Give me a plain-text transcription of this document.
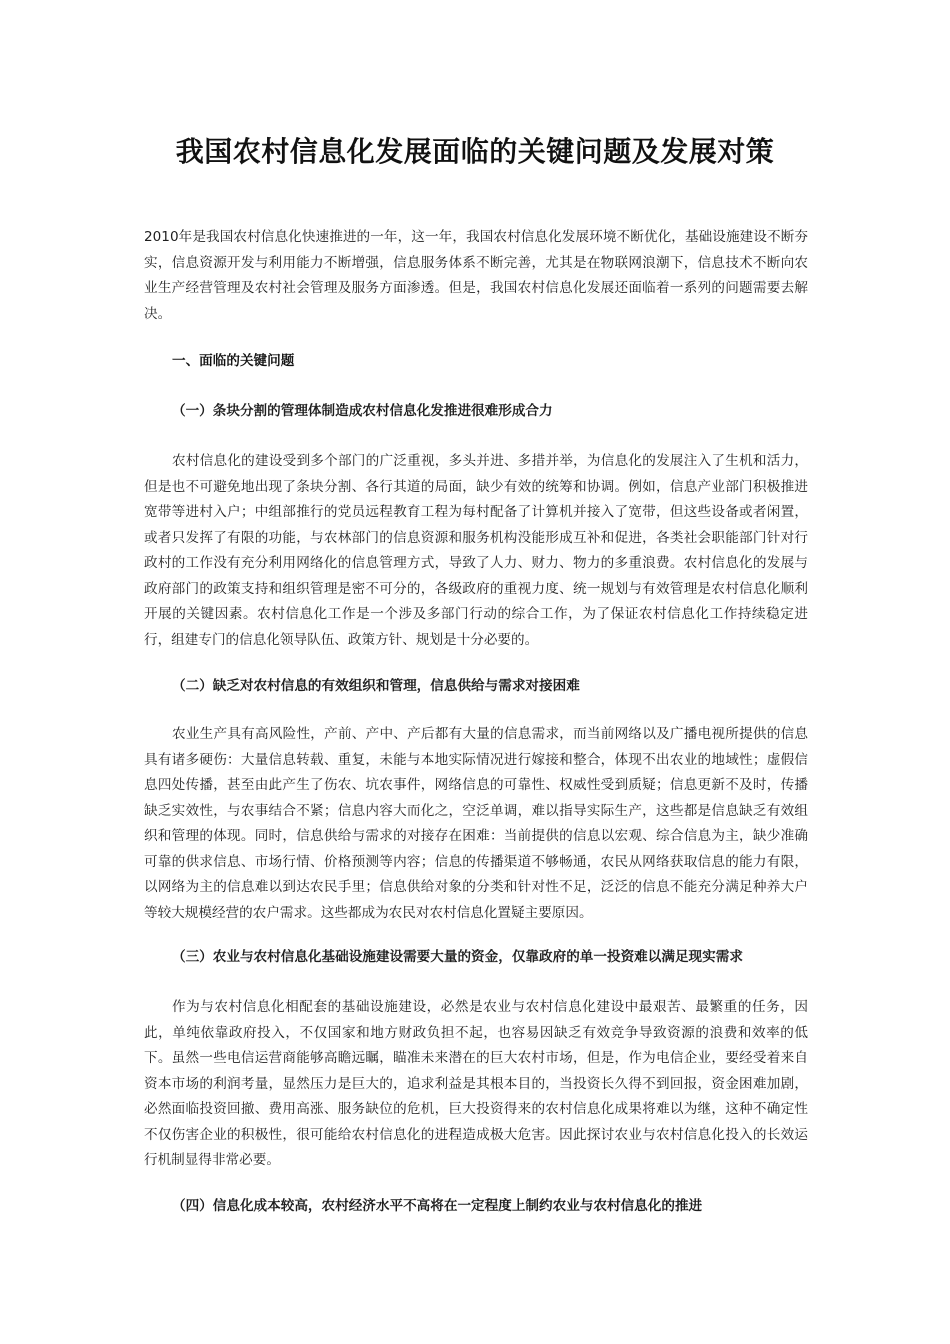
我国农村信息化发展面临的关键问题及发展对策

2010年是我国农村信息化快速推进的一年，这一年，我国农村信息化发展环境不断优化，基础设施建设不断夯实，信息资源开发与利用能力不断增强，信息服务体系不断完善，尤其是在物联网浪潮下，信息技术不断向农业生产经营管理及农村社会管理及服务方面渗透。但是，我国农村信息化发展还面临着一系列的问题需要去解决。

一、面临的关键问题
（一）条块分割的管理体制造成农村信息化发推进很难形成合力

农村信息化的建设受到多个部门的广泛重视，多头并进、多措并举，为信息化的发展注入了生机和活力，但是也不可避免地出现了条块分割、各行其道的局面，缺少有效的统筹和协调。例如，信息产业部门积极推进宽带等进村入户；中组部推行的党员远程教育工程为每村配备了计算机并接入了宽带，但这些设备或者闲置，或者只发挥了有限的功能，与农林部门的信息资源和服务机构没能形成互补和促进，各类社会职能部门针对行政村的工作没有充分利用网络化的信息管理方式，导致了人力、财力、物力的多重浪费。农村信息化的发展与政府部门的政策支持和组织管理是密不可分的，各级政府的重视力度、统一规划与有效管理是农村信息化顺利开展的关键因素。农村信息化工作是一个涉及多部门行动的综合工作，为了保证农村信息化工作持续稳定进行，组建专门的信息化领导队伍、政策方针、规划是十分必要的。

（二）缺乏对农村信息的有效组织和管理，信息供给与需求对接困难

农业生产具有高风险性，产前、产中、产后都有大量的信息需求，而当前网络以及广播电视所提供的信息具有诸多硬伤：大量信息转载、重复，未能与本地实际情况进行嫁接和整合，体现不出农业的地域性；虚假信息四处传播，甚至由此产生了伤农、坑农事件，网络信息的可靠性、权威性受到质疑；信息更新不及时，传播缺乏实效性，与农事结合不紧；信息内容大而化之，空泛单调，难以指导实际生产，这些都是信息缺乏有效组织和管理的体现。同时，信息供给与需求的对接存在困难：当前提供的信息以宏观、综合信息为主，缺少准确可靠的供求信息、市场行情、价格预测等内容；信息的传播渠道不够畅通，农民从网络获取信息的能力有限，以网络为主的信息难以到达农民手里；信息供给对象的分类和针对性不足，泛泛的信息不能充分满足种养大户等较大规模经营的农户需求。这些都成为农民对农村信息化置疑主要原因。

（三）农业与农村信息化基础设施建设需要大量的资金，仅靠政府的单一投资难以满足现实需求

作为与农村信息化相配套的基础设施建设，必然是农业与农村信息化建设中最艰苦、最繁重的任务，因此，单纯依靠政府投入，不仅国家和地方财政负担不起，也容易因缺乏有效竞争导致资源的浪费和效率的低下。虽然一些电信运营商能够高瞻远瞩，瞄准未来潜在的巨大农村市场，但是，作为电信企业，要经受着来自资本市场的利润考量，显然压力是巨大的，追求利益是其根本目的，当投资长久得不到回报，资金困难加剧，必然面临投资回撤、费用高涨、服务缺位的危机，巨大投资得来的农村信息化成果将难以为继，这种不确定性不仅伤害企业的积极性，很可能给农村信息化的进程造成极大危害。因此探讨农业与农村信息化投入的长效运行机制显得非常必要。

（四）信息化成本较高，农村经济水平不高将在一定程度上制约农业与农村信息化的推进
